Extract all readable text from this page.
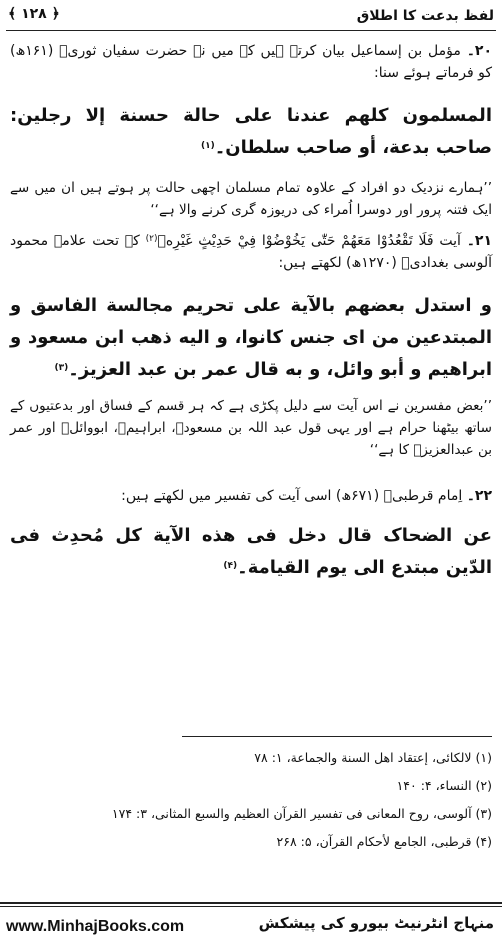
لفظ بدعت کا اطلاق
﴿ ۱۲۸ ﴾
۲۰۔ مؤمل بن إسماعیل بیان کرتے ہیں کہ میں نے حضرت سفیان ثوریؒ (۱۶۱ھ) کو فرماتے ہوئے سنا:
المسلمون كلهم عندنا على حالة حسنة إلا رجلين: صاحب بدعة، أو صاحب سلطان۔$^{(۱)}$
’’ہمارے نزدیک دو افراد کے علاوہ تمام مسلمان اچھی حالت پر ہوتے ہیں ان میں سے ایک فتنہ پرور اور دوسرا اُمراء کی دریوزہ گری کرنے والا ہے‘‘
۲۱۔ آیت فَلَا تَقْعُدُوْا مَعَهُمْ حَتّٰى يَخُوْضُوْا فِيْ حَدِيْثٍ غَيْرِهٖ$^{(۲)}$ کے تحت علامہ محمود آلوسی بغدادیؒ (۱۲۷۰ھ) لکھتے ہیں:
و استدل بعضهم بالآية على تحريم مجالسة الفاسق و المبتدعين من اى جنس كانوا، و اليه ذهب ابن مسعود و ابراهيم و أبو وائل، و به قال عمر بن عبد العزيز۔$^{(۳)}$
’’بعض مفسرین نے اس آیت سے دلیل پکڑی ہے کہ ہر قسم کے فساق اور بدعتیوں کے ساتھ بیٹھنا حرام ہے اور یہی قول عبد اللہ بن مسعودؓ، ابراہیمؒ، ابووائلؒ اور عمر بن عبدالعزیزؒ کا ہے‘‘
۲۲۔ اِمام قرطبیؒ (۶۷۱ھ) اسی آیت کی تفسیر میں لکھتے ہیں:
عن الضحاک قال دخل فی هذه الآية كل مُحدِث فی الدّين مبتدع الى يوم القيامة۔$^{(۴)}$
(۱) لالکائی، إعتقاد اهل السنة والجماعة، ۱: ۷۸
(۲) النساء، ۴: ۱۴۰
(۳) آلوسی، روح المعانی فی تفسیر القرآن العظیم والسبع المثانی، ۳: ۱۷۴
(۴) قرطبی، الجامع لأحكام القرآن، ۵: ۲۶۸
www.MinhajBooks.com	منہاج انٹرنیٹ بیورو کی پیشکش
